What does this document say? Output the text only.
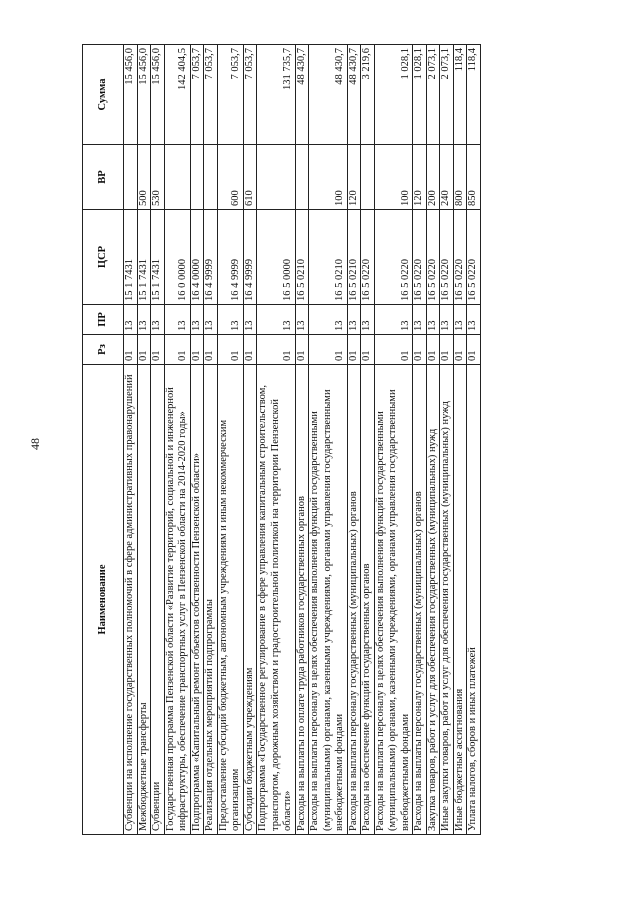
48
Наименование	Рз	ПР	ЦСР	ВР	Сумма
Субвенции на исполнение государственных полномочий в сфере административных правонарушений	01	13	15 1 7431		15 456,0
Межбюджетные трансферты	01	13	15 1 7431	500	15 456,0
Субвенции	01	13	15 1 7431	530	15 456,0
Государственная программа Пензенской области «Развитие территорий, социальной и инженерной инфраструктуры, обеспечение транспортных услуг в Пензенской области на 2014-2020 годы»	01	13	16 0 0000		142 404,5
Подпрограмма «Капитальный ремонт объектов собственности Пензенской области»	01	13	16 4 0000		7 053,7
Реализация отдельных мероприятий подпрограммы	01	13	16 4 9999		7 053,7
Предоставление субсидий бюджетным, автономным учреждениям и иным некоммерческим организациям	01	13	16 4 9999	600	7 053,7
Субсидии бюджетным учреждениям	01	13	16 4 9999	610	7 053,7
Подпрограмма «Государственное регулирование в сфере управления капитальным строительством, транспортом, дорожным хозяйством и градостроительной политикой на территории Пензенской области»	01	13	16 5 0000		131 735,7
Расходы на выплаты по оплате труда работников государственных органов	01	13	16 5 0210		48 430,7
Расходы на выплаты персоналу в целях обеспечения выполнения функций государственными (муниципальными) органами, казенными учреждениями, органами управления государственными внебюджетными фондами	01	13	16 5 0210	100	48 430,7
Расходы на выплаты персоналу государственных (муниципальных) органов	01	13	16 5 0210	120	48 430,7
Расходы на обеспечение функций государственных органов	01	13	16 5 0220		3 219,6
Расходы на выплаты персоналу в целях обеспечения выполнения функций государственными (муниципальными) органами, казенными учреждениями, органами управления государственными внебюджетными фондами	01	13	16 5 0220	100	1 028,1
Расходы на выплаты персоналу государственных (муниципальных) органов	01	13	16 5 0220	120	1 028,1
Закупка товаров, работ и услуг для обеспечения государственных (муниципальных) нужд	01	13	16 5 0220	200	2 073,1
Иные закупки товаров, работ и услуг для обеспечения государственных (муниципальных) нужд	01	13	16 5 0220	240	2 073,1
Иные бюджетные ассигнования	01	13	16 5 0220	800	118,4
Уплата налогов, сборов и иных платежей	01	13	16 5 0220	850	118,4
